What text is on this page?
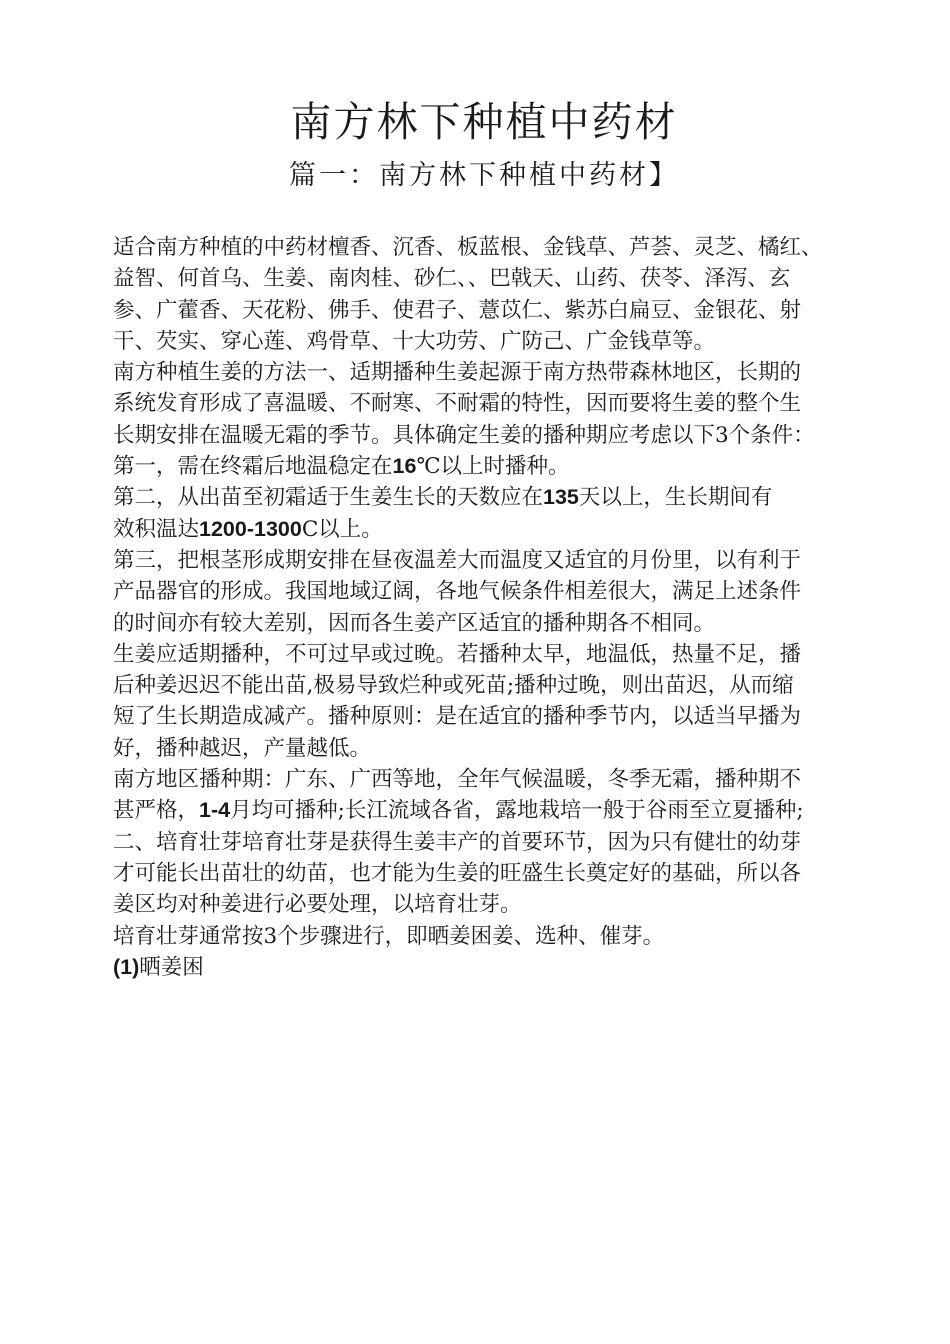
南方林下种植中药材
篇一：南方林下种植中药材】
适合南方种植的中药材檀香、沉香、板蓝根、金钱草、芦荟、灵芝、橘红、
益智、何首乌、生姜、南肉桂、砂仁、、巴戟天、山药、茯苓、泽泻、玄
参、广藿香、天花粉、佛手、使君子、薏苡仁、紫苏白扁豆、金银花、射
干、芡实、穿心莲、鸡骨草、十大功劳、广防己、广金钱草等。
南方种植生姜的方法一、适期播种生姜起源于南方热带森林地区，长期的
系统发育形成了喜温暖、不耐寒、不耐霜的特性，因而要将生姜的整个生
长期安排在温暖无霜的季节。具体确定生姜的播种期应考虑以下3个条件：
第一，需在终霜后地温稳定在16℃以上时播种。
第二，从出苗至初霜适于生姜生长的天数应在135天以上，生长期间有
效积温达1200-1300C以上。
第三，把根茎形成期安排在昼夜温差大而温度又适宜的月份里，以有利于
产品器官的形成。我国地域辽阔，各地气候条件相差很大，满足上述条件
的时间亦有较大差别，因而各生姜产区适宜的播种期各不相同。
生姜应适期播种，不可过早或过晚。若播种太早，地温低，热量不足，播
后种姜迟迟不能出苗,极易导致烂种或死苗;播种过晚，则出苗迟，从而缩
短了生长期造成减产。播种原则：是在适宜的播种季节内，以适当早播为
好，播种越迟，产量越低。
南方地区播种期：广东、广西等地，全年气候温暖，冬季无霜，播种期不
甚严格，1-4月均可播种;长江流域各省，露地栽培一般于谷雨至立夏播种;
二、培育壮芽培育壮芽是获得生姜丰产的首要环节，因为只有健壮的幼芽
才可能长出苗壮的幼苗，也才能为生姜的旺盛生长奠定好的基础，所以各
姜区均对种姜进行必要处理，以培育壮芽。
培育壮芽通常按3个步骤进行，即晒姜困姜、选种、催芽。
(1)晒姜困
